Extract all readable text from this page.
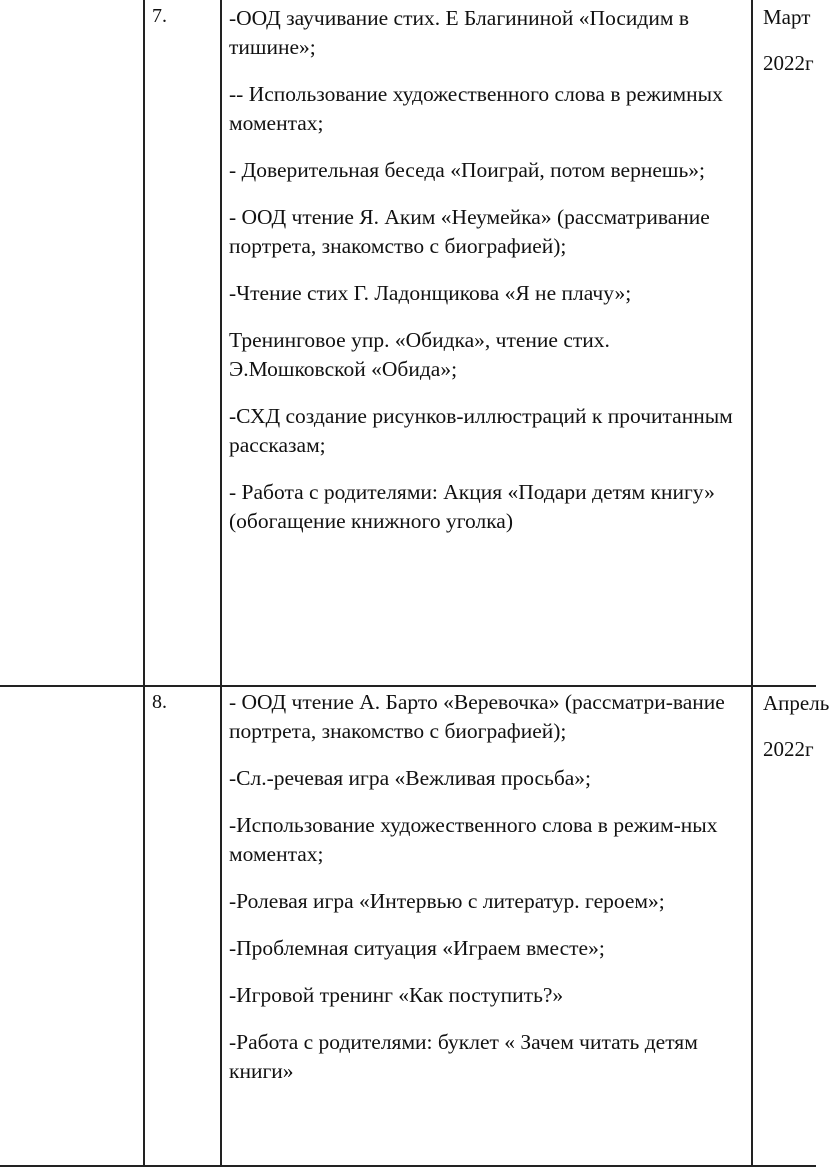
7.	-ООД заучивание стих. Е Благининой «Посидим в тишине»;

-- Использование художественного слова в режимных моментах;

- Доверительная беседа «Поиграй, потом вернешь»;

- ООД чтение Я. Аким «Неумейка» (рассматривание портрета, знакомство с биографией);

-Чтение стих Г. Ладонщикова «Я не плачу»;

Тренинговое упр. «Обидка», чтение стих. Э.Мошковской «Обида»;

-СХД создание рисунков-иллюстраций к прочитанным рассказам;

- Работа с родителями: Акция «Подари детям книгу» (обогащение книжного уголка)

Март

2022г

8.	- ООД чтение А. Барто «Веревочка» (рассматри-вание портрета, знакомство с биографией);

-Сл.-речевая игра «Вежливая просьба»;

-Использование художественного слова в режим-ных моментах;

-Ролевая игра «Интервью с литератур. героем»;

-Проблемная ситуация «Играем вместе»;

-Игровой тренинг «Как поступить?»

-Работа с родителями: буклет « Зачем читать детям книги»

Апрель

2022г
